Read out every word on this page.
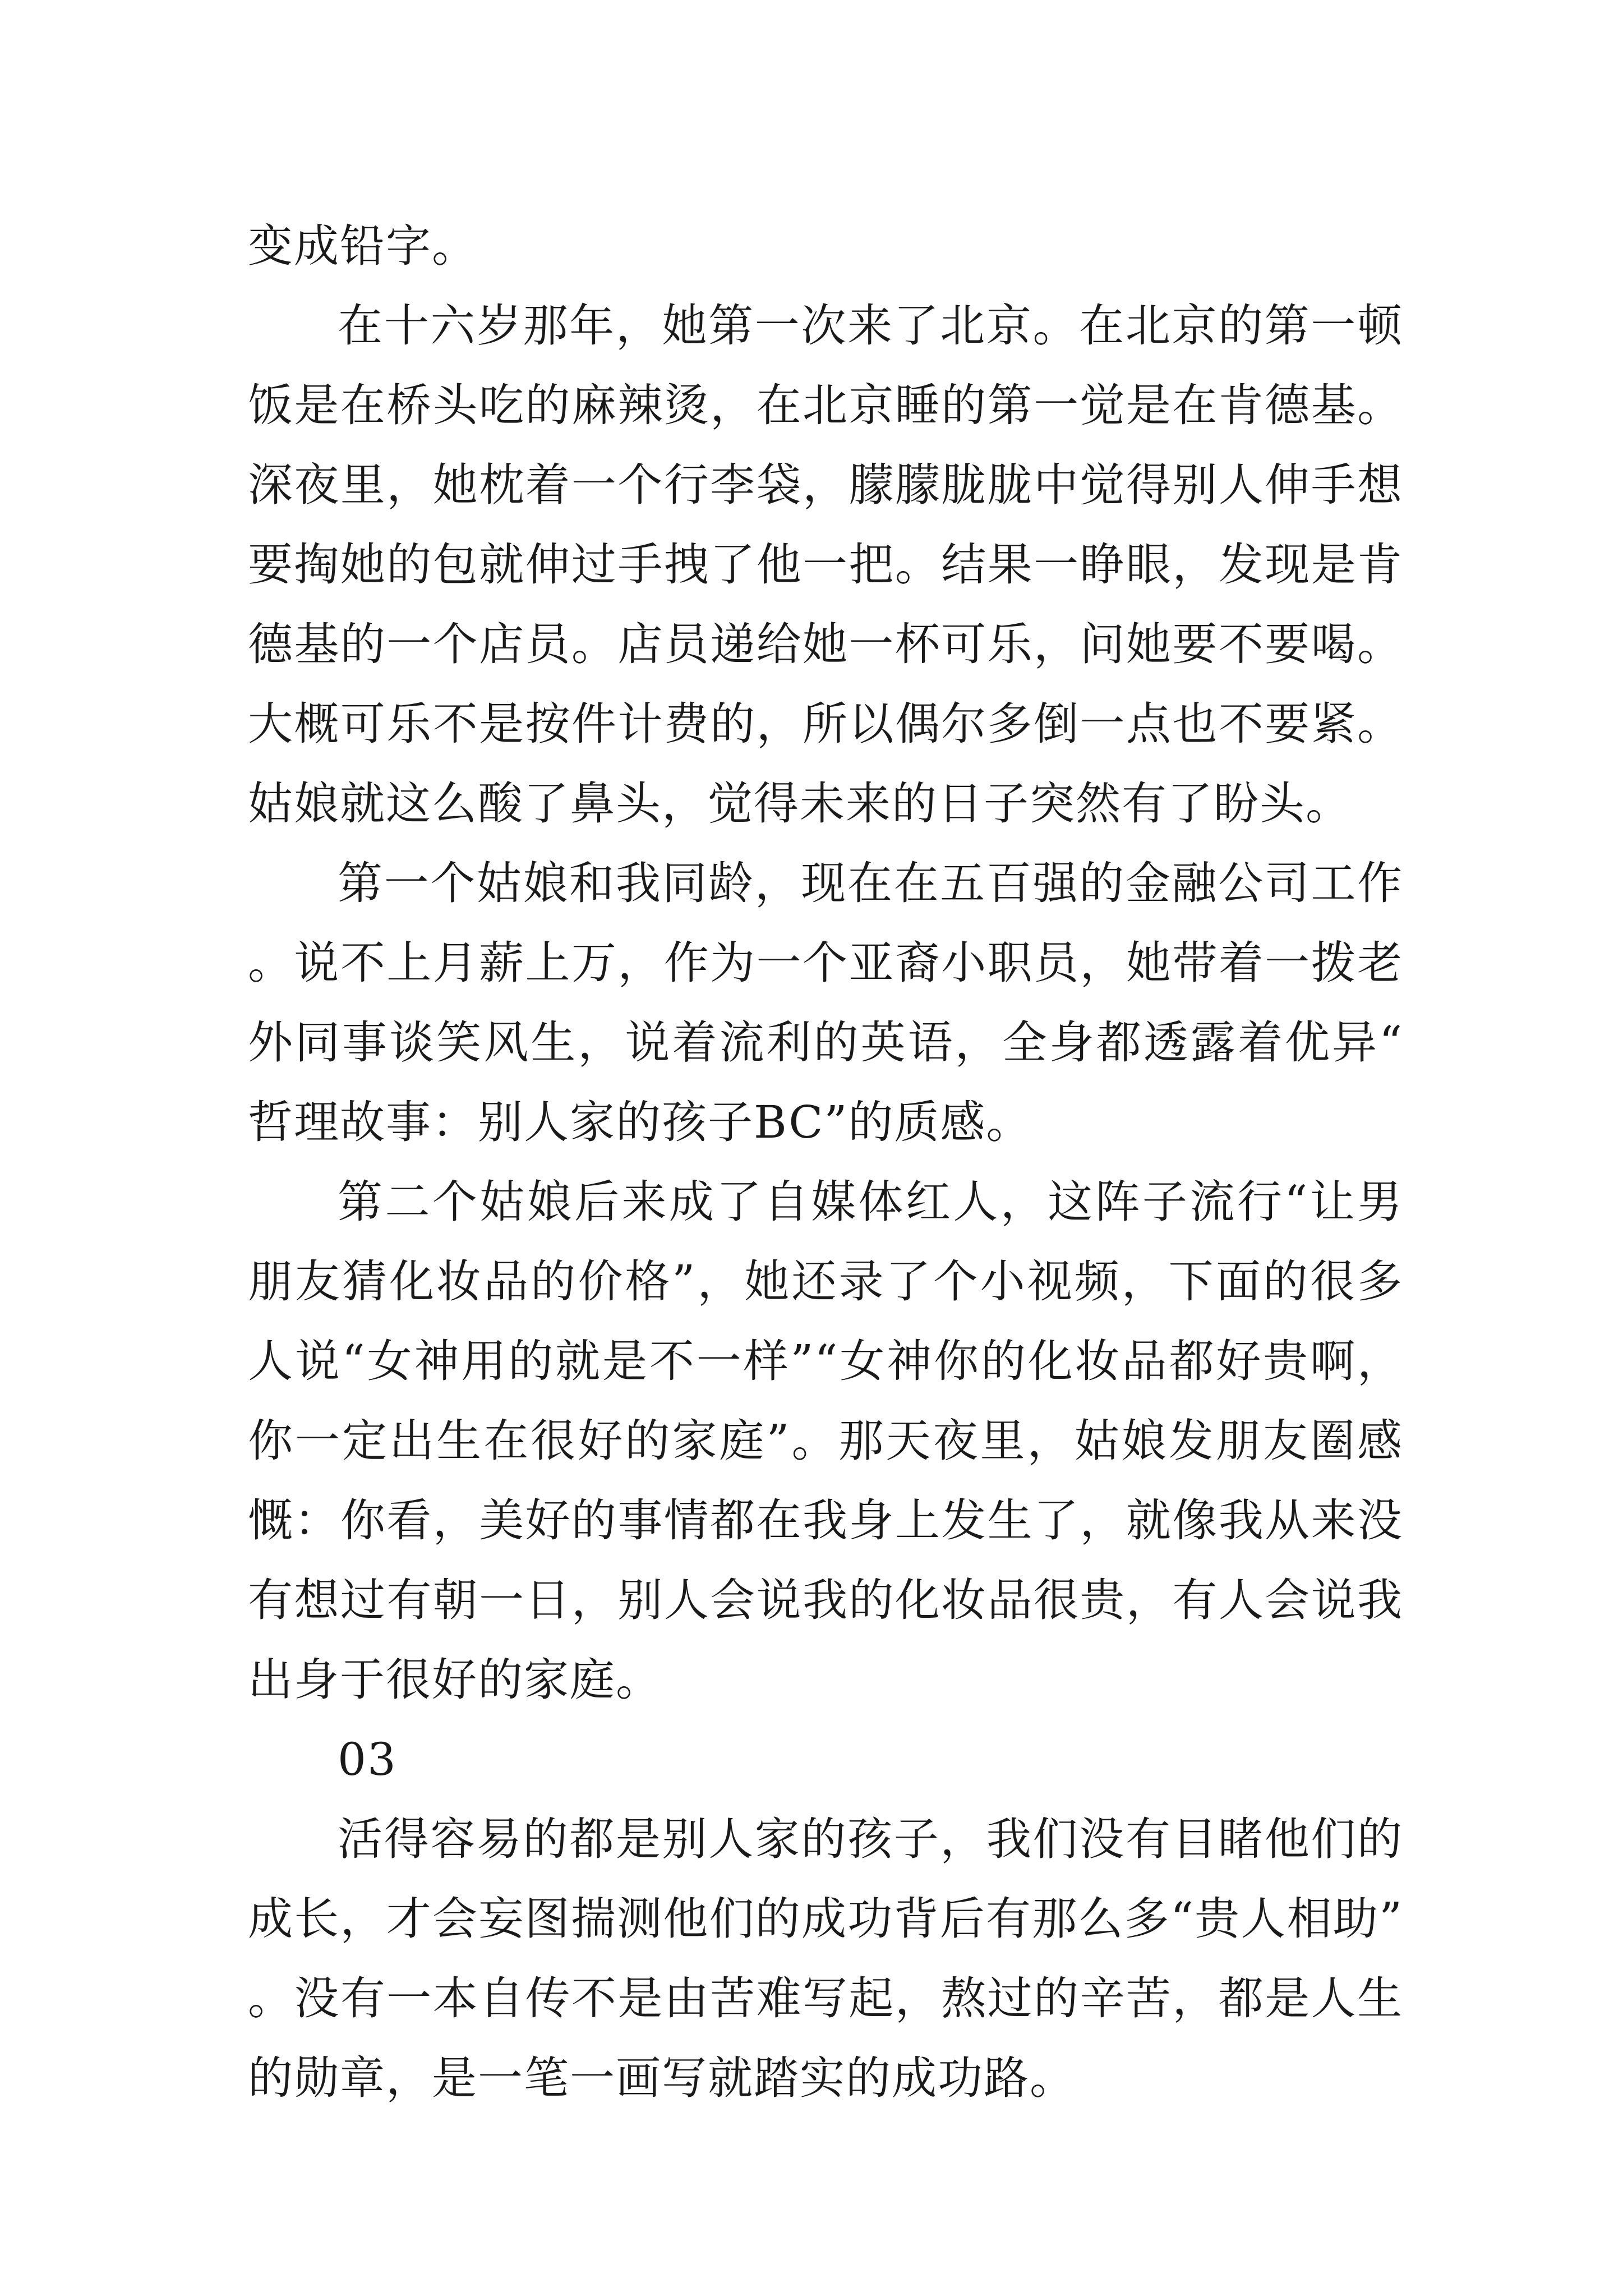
变成铅字。

在十六岁那年，她第一次来了北京。在北京的第一顿饭是在桥头吃的麻辣烫，在北京睡的第一觉是在肯德基。深夜里，她枕着一个行李袋，朦朦胧胧中觉得别人伸手想要掏她的包就伸过手拽了他一把。结果一睁眼，发现是肯德基的一个店员。店员递给她一杯可乐，问她要不要喝。大概可乐不是按件计费的，所以偶尔多倒一点也不要紧。姑娘就这么酸了鼻头，觉得未来的日子突然有了盼头。

第一个姑娘和我同龄，现在在五百强的金融公司工作。说不上月薪上万，作为一个亚裔小职员，她带着一拨老外同事谈笑风生，说着流利的英语，全身都透露着优异“哲理故事：别人家的孩子BC”的质感。

第二个姑娘后来成了自媒体红人，这阵子流行“让男朋友猜化妆品的价格”，她还录了个小视频，下面的很多人说“女神用的就是不一样”“女神你的化妆品都好贵啊，你一定出生在很好的家庭”。那天夜里，姑娘发朋友圈感慨：你看，美好的事情都在我身上发生了，就像我从来没有想过有朝一日，别人会说我的化妆品很贵，有人会说我出身于很好的家庭。

03

活得容易的都是别人家的孩子，我们没有目睹他们的成长，才会妄图揣测他们的成功背后有那么多“贵人相助”。没有一本自传不是由苦难写起，熬过的辛苦，都是人生的勋章，是一笔一画写就踏实的成功路。
